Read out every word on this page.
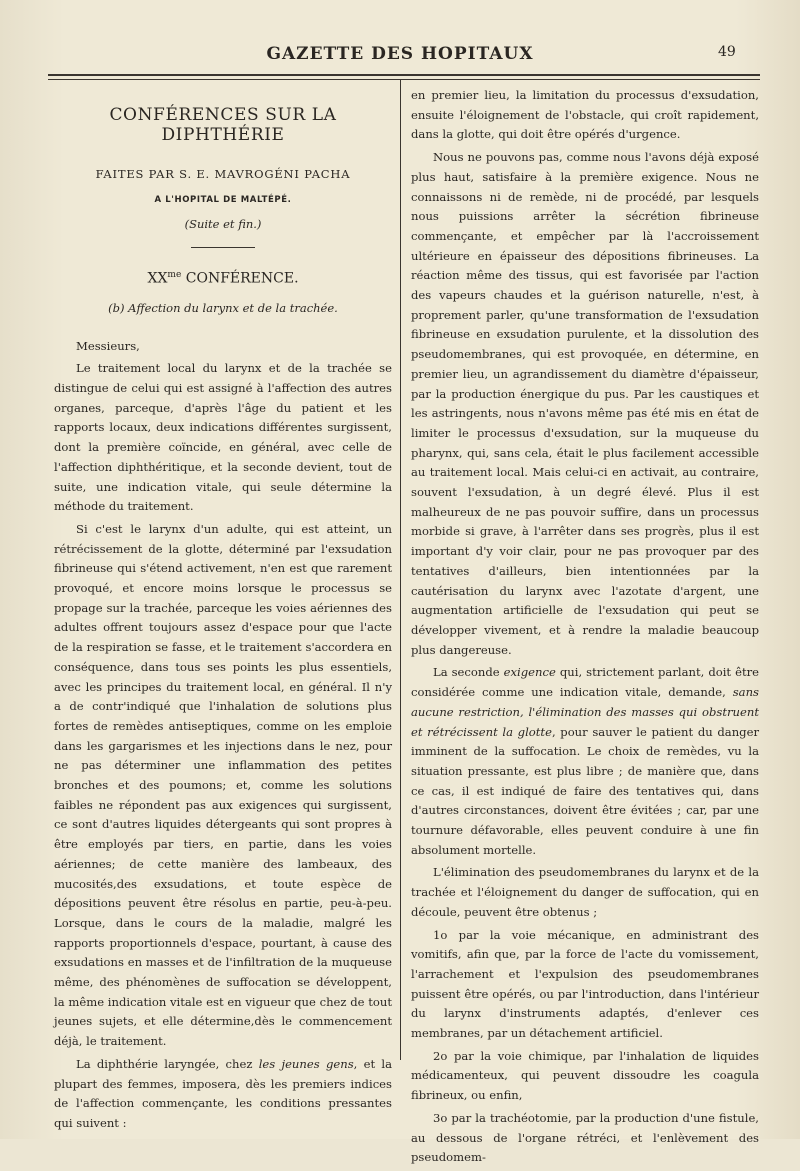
GAZETTE DES HOPITAUX	49
CONFÉRENCES SUR LA DIPHTHÉRIE
FAITES PAR S. E. MAVROGÉNI PACHA
A L'HOPITAL DE MALTÉPÉ.
(Suite et fin.)
$XX^{me}$ CONFÉRENCE.
(b) Affection du larynx et de la trachée.

Messieurs,

Le traitement local du larynx et de la trachée se distingue de celui qui est assigné à l'affection des autres organes, parceque, d'après l'âge du patient et les rapports locaux, deux indications différentes surgissent, dont la première coïncide, en général, avec celle de l'affection diphthéritique, et la seconde devient, tout de suite, une indication vitale, qui seule détermine la méthode du traitement.

Si c'est le larynx d'un adulte, qui est atteint, un rétrécissement de la glotte, déterminé par l'exsudation fibrineuse qui s'étend activement, n'en est que rarement provoqué, et encore moins lorsque le processus se propage sur la trachée, parceque les voies aériennes des adultes offrent toujours assez d'espace pour que l'acte de la respiration se fasse, et le traitement s'accordera en conséquence, dans tous ses points les plus essentiels, avec les principes du traitement local, en général. Il n'y a de contr'indiqué que l'inhalation de solutions plus fortes de remèdes antiseptiques, comme on les emploie dans les gargarismes et les injections dans le nez, pour ne pas déterminer une inflammation des petites bronches et des poumons; et, comme les solutions faibles ne répondent pas aux exigences qui surgissent, ce sont d'autres liquides détergeants qui sont propres à être employés par tiers, en partie, dans les voies aériennes; de cette manière des lambeaux, des mucosités,des exsudations, et toute espèce de dépositions peuvent être résolus en partie, peu-à-peu. Lorsque, dans le cours de la maladie, malgré les rapports proportionnels d'espace, pourtant, à cause des exsudations en masses et de l'infiltration de la muqueuse même, des phénomènes de suffocation se développent, la même indication vitale est en vigueur que chez de tout jeunes sujets, et elle détermine,dès le commencement déjà, le traitement.

La diphthérie laryngée, chez les jeunes gens, et la plupart des femmes, imposera, dès les premiers indices de l'affection commençante, les conditions pressantes qui suivent :

en premier lieu, la limitation du processus d'exsudation, ensuite l'éloignement de l'obstacle, qui croît rapidement, dans la glotte, qui doit être opérés d'urgence.

Nous ne pouvons pas, comme nous l'avons déjà exposé plus haut, satisfaire à la première exigence. Nous ne connaissons ni de remède, ni de procédé, par lesquels nous puissions arrêter la sécrétion fibrineuse commençante, et empêcher par là l'accroissement ultérieure en épaisseur des dépositions fibrineuses. La réaction même des tissus, qui est favorisée par l'action des vapeurs chaudes et la guérison naturelle, n'est, à proprement parler, qu'une transformation de l'exsudation fibrineuse en exsudation purulente, et la dissolution des pseudomembranes, qui est provoquée, en détermine, en premier lieu, un agrandissement du diamètre d'épaisseur, par la production énergique du pus. Par les caustiques et les astringents, nous n'avons même pas été mis en état de limiter le processus d'exsudation, sur la muqueuse du pharynx, qui, sans cela, était le plus facilement accessible au traitement local. Mais celui-ci en activait, au contraire, souvent l'exsudation, à un degré élevé. Plus il est malheureux de ne pas pouvoir suffire, dans un processus morbide si grave, à l'arrêter dans ses progrès, plus il est important d'y voir clair, pour ne pas provoquer par des tentatives d'ailleurs, bien intentionnées par la cautérisation du larynx avec l'azotate d'argent, une augmentation artificielle de l'exsudation qui peut se développer vivement, et à rendre la maladie beaucoup plus dangereuse.

La seconde exigence qui, strictement parlant, doit être considérée comme une indication vitale, demande, sans aucune restriction, l'élimination des masses qui obstruent et rétrécissent la glotte, pour sauver le patient du danger imminent de la suffocation. Le choix de remèdes, vu la situation pressante, est plus libre ; de manière que, dans ce cas, il est indiqué de faire des tentatives qui, dans d'autres circonstances, doivent être évitées ; car, par une tournure défavorable, elles peuvent conduire à une fin absolument mortelle.

L'élimination des pseudomembranes du larynx et de la trachée et l'éloignement du danger de suffocation, qui en découle, peuvent être obtenus ;

1o par la voie mécanique, en administrant des vomitifs, afin que, par la force de l'acte du vomissement, l'arrachement et l'expulsion des pseudomembranes puissent être opérés, ou par l'introduction, dans l'intérieur du larynx d'instruments adaptés, d'enlever ces membranes, par un détachement artificiel.

2o par la voie chimique, par l'inhalation de liquides médicamenteux, qui peuvent dissoudre les coagula fibrineux, ou enfin,

3o par la trachéotomie, par la production d'une fistule, au dessous de l'organe rétréci, et l'enlèvement des pseudomem-
